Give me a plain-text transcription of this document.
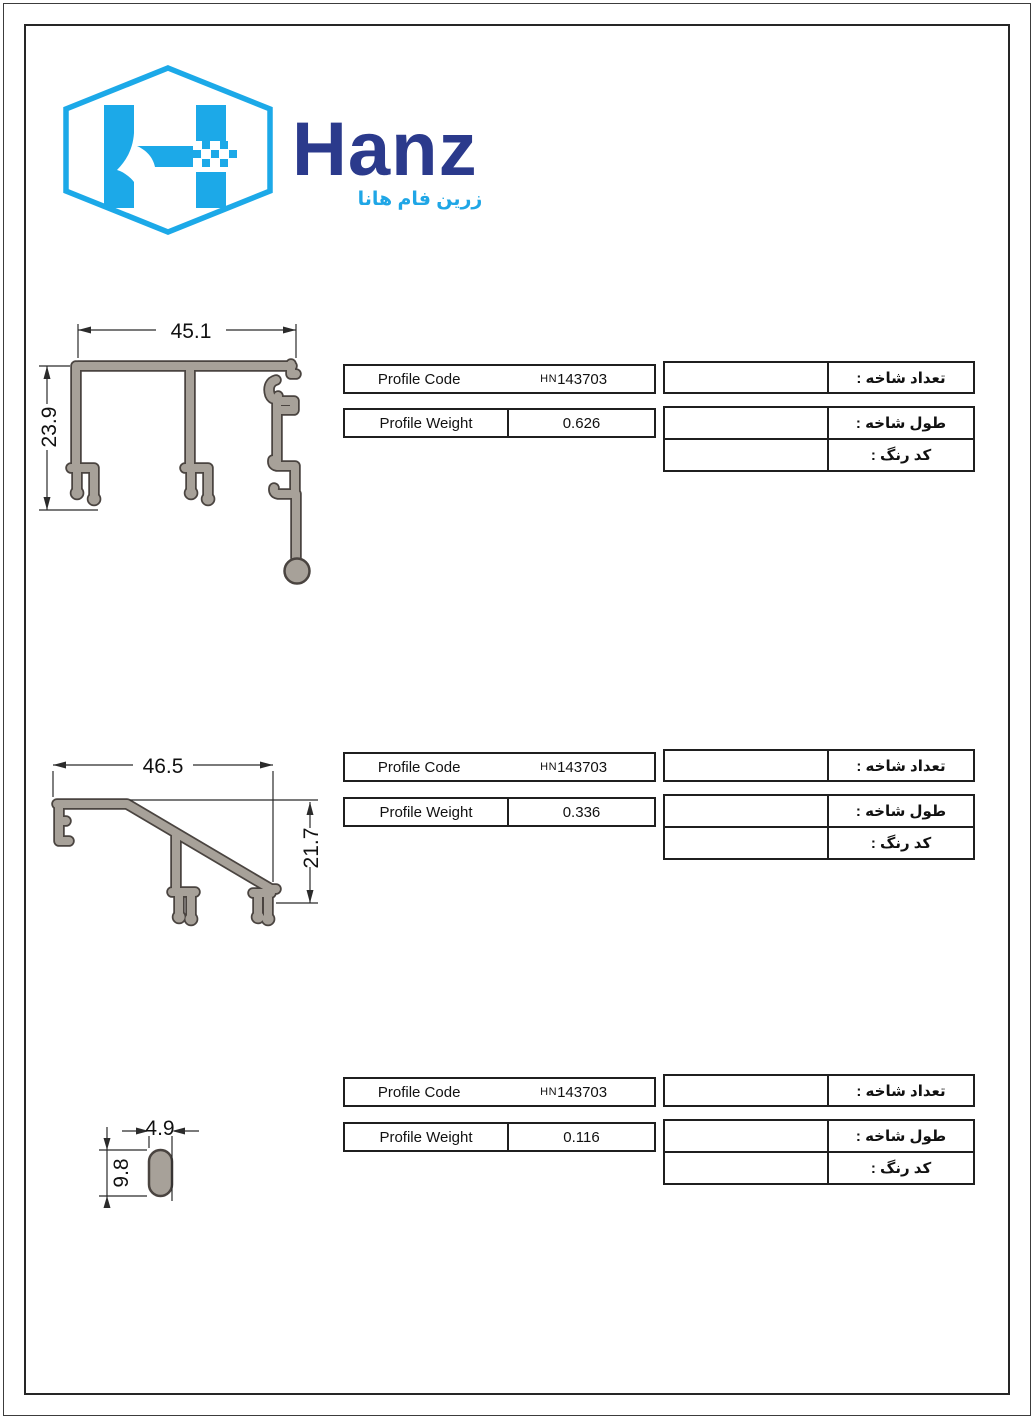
Hanz
زرین فام هانا
45.1
23.9
46.5
21.7
4.9
9.8
Profile Code	HN 143703
Profile Weight	0.626
تعداد شاخه :
طول شاخه :
کد رنگ :
Profile Code	HN 143703
Profile Weight	0.336
تعداد شاخه :
طول شاخه :
کد رنگ :
Profile Code	HN 143703
Profile Weight	0.116
تعداد شاخه :
طول شاخه :
کد رنگ :
